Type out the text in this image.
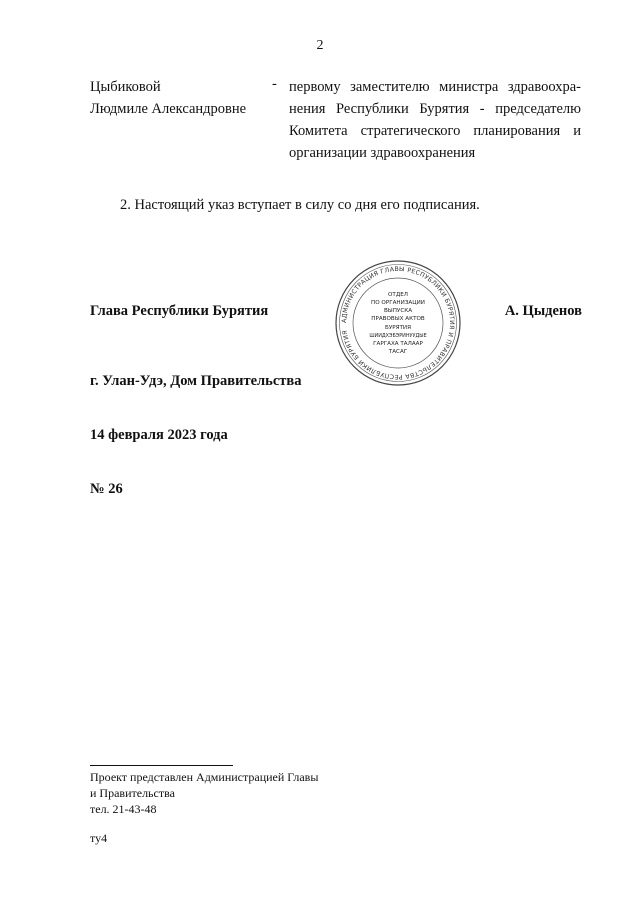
2
Цыбиковой
Людмиле Александровне
- первому заместителю министра здравоохра-нения Республики Бурятия - председателю Комитета стратегического планирования и организации здравоохранения
2. Настоящий указ вступает в силу со дня его подписания.
Глава Республики Бурятия	А. Цыденов
АДМИНИСТРАЦИЯ ГЛАВЫ РЕСПУБЛИКИ БУРЯТИЯ И ПРАВИТЕЛЬСТВА РЕСПУБЛИКИ БУРЯТИЯ
ОТДЕЛ
ПО ОРГАНИЗАЦИИ
ВЫПУСКА
ПРАВОВЫХ АКТОВ
БУРЯТИЯ
ШИИДХЭБЭРИНУУДЫЕ
ГАРГАХА ТАЛААР
ТАСАГ
г. Улан-Удэ, Дом Правительства
14 февраля 2023 года
№ 26
Проект представлен Администрацией Главы
и Правительства
тел. 21-43-48
ту4
